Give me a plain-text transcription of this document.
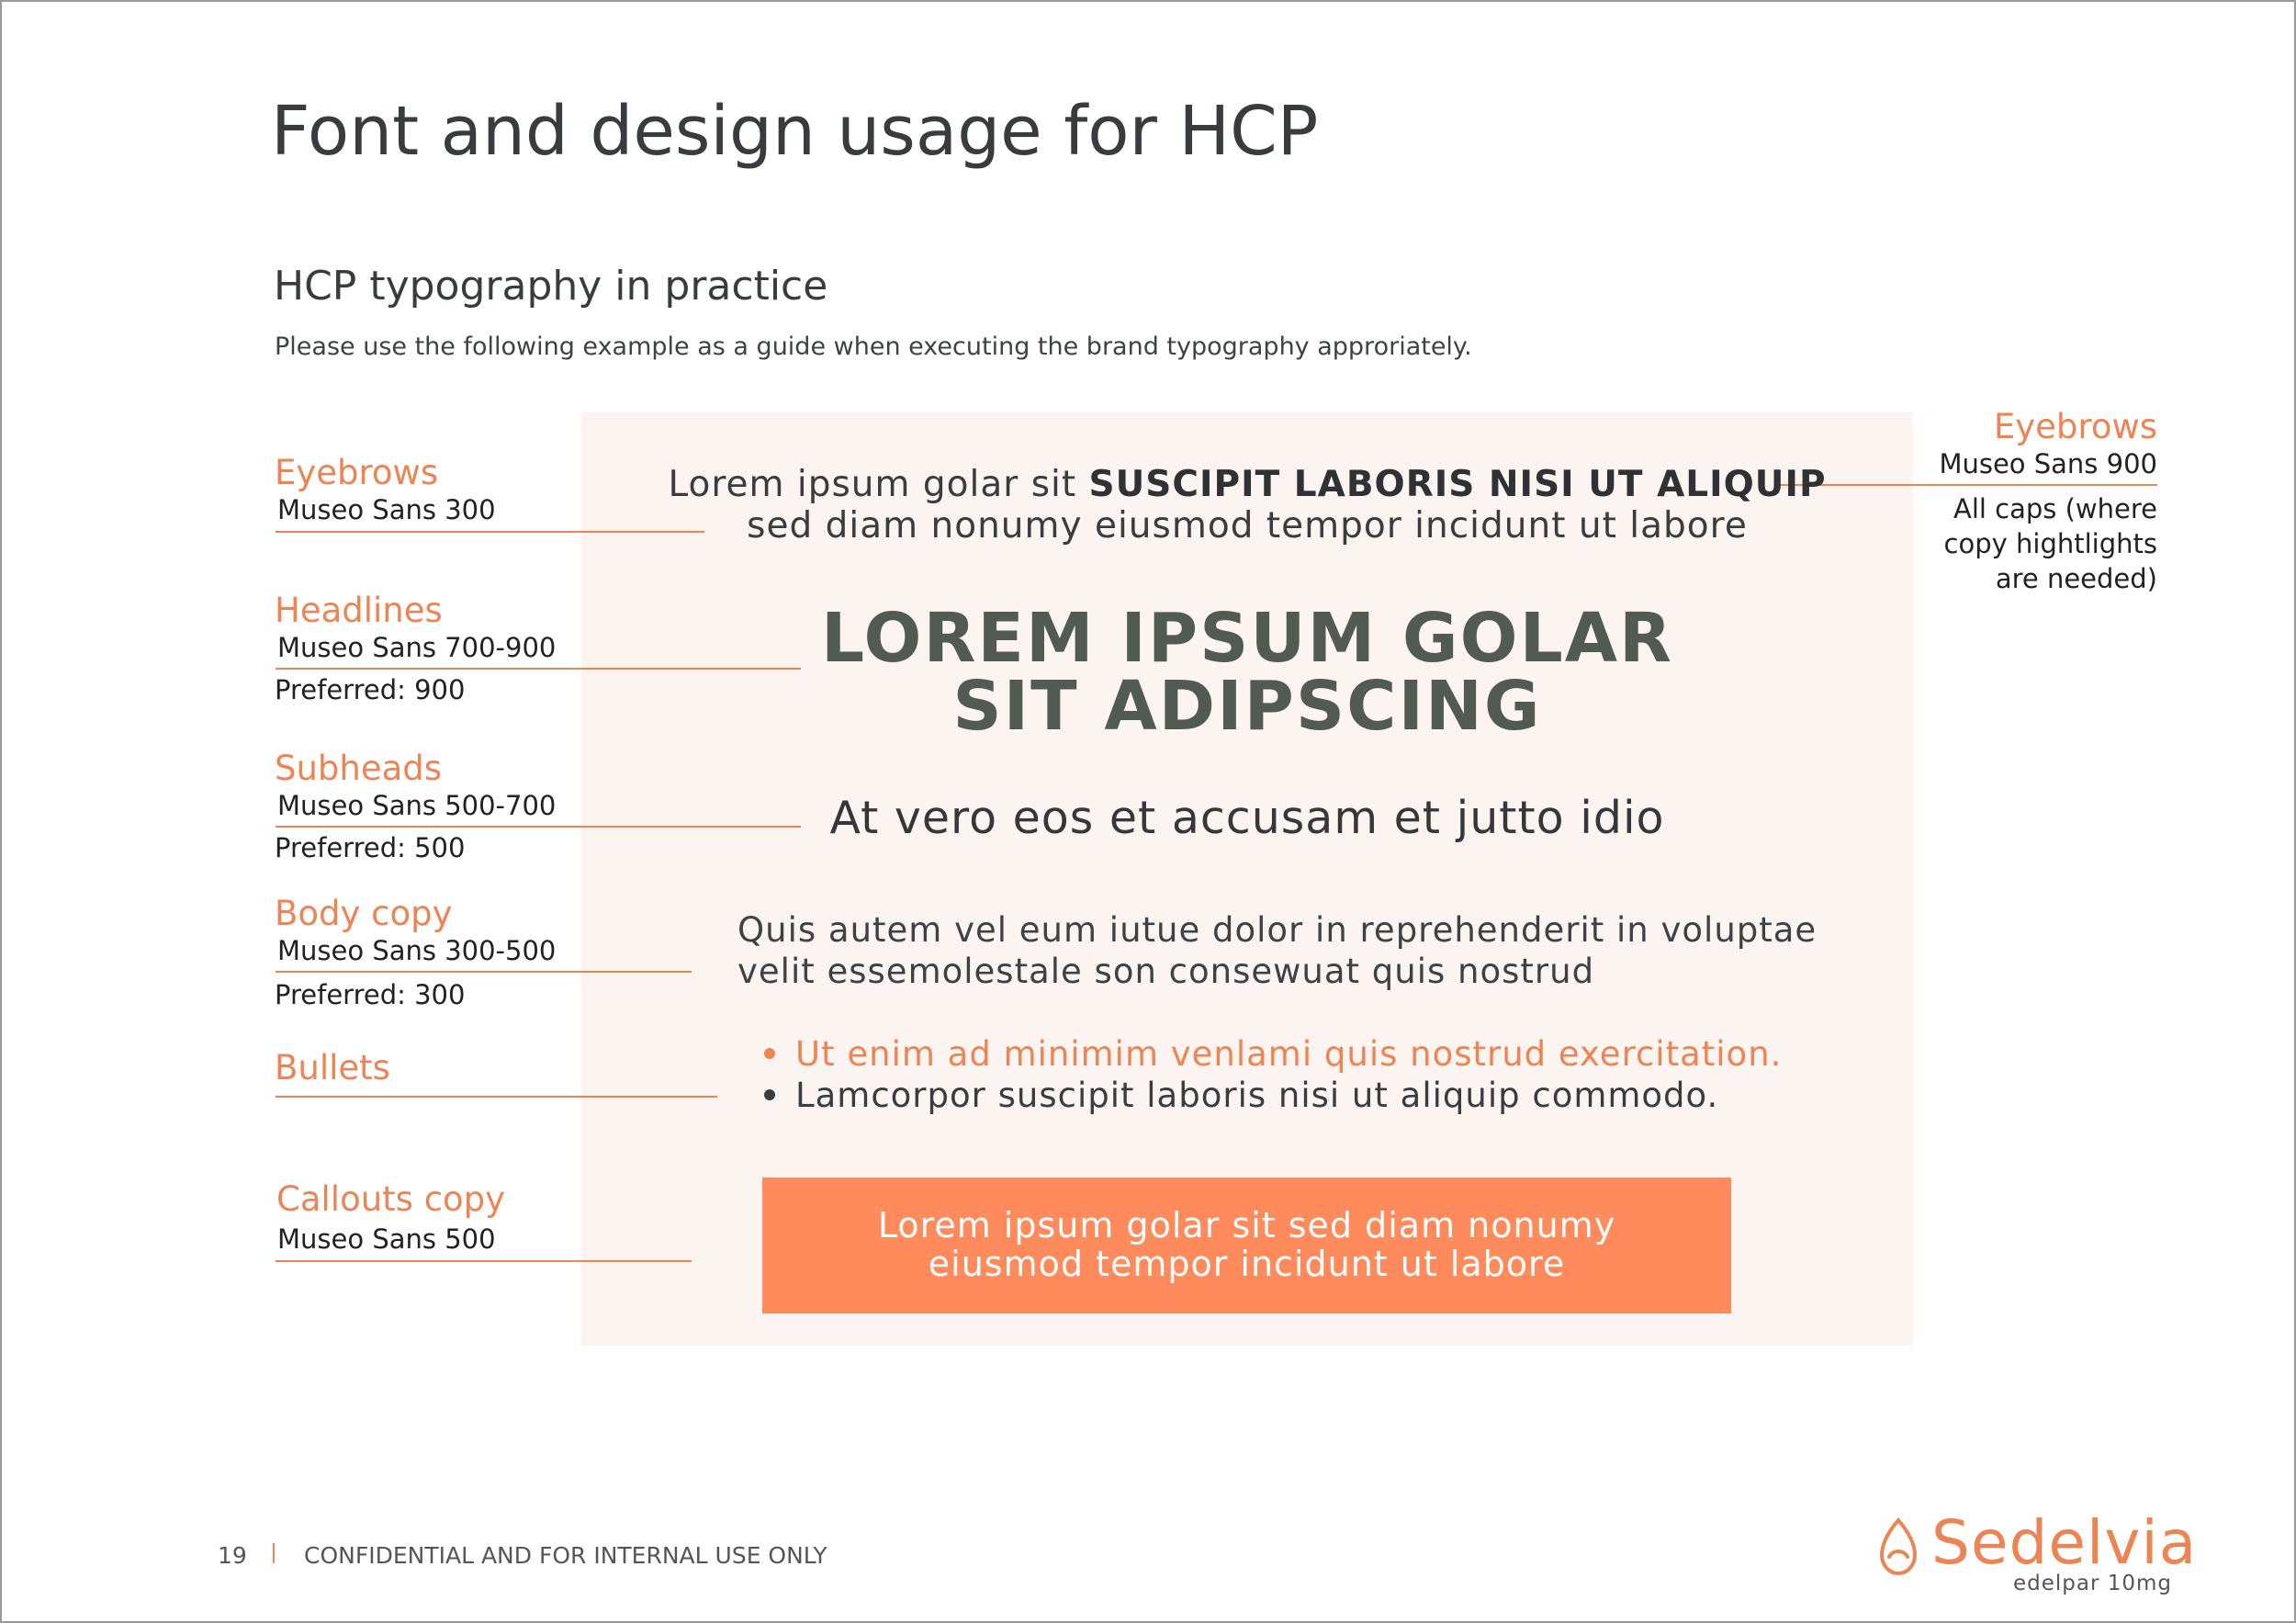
Font and design usage for HCP
HCP typography in practice
Please use the following example as a guide when executing the brand typography approriately.
Eyebrows
Museo Sans 300
Headlines
Museo Sans 700-900
Preferred: 900
Subheads
Museo Sans 500-700
Preferred: 500
Body copy
Museo Sans 300-500
Preferred: 300
Bullets
Callouts copy
Museo Sans 500
Eyebrows
Museo Sans 900
All caps (where
copy hightlights
are needed)
Lorem ipsum golar sit SUSCIPIT LABORIS NISI UT ALIQUIP
sed diam nonumy eiusmod tempor incidunt ut labore
LOREM IPSUM GOLAR
SIT ADIPSCING
At vero eos et accusam et jutto idio
Quis autem vel eum iutue dolor in reprehenderit in voluptae
velit essemolestale son consewuat quis nostrud
Ut enim ad minimim venlami quis nostrud exercitation.
Lamcorpor suscipit laboris nisi ut aliquip commodo.
Lorem ipsum golar sit sed diam nonumy
eiusmod tempor incidunt ut labore
19 CONFIDENTIAL AND FOR INTERNAL USE ONLY	Sedelvia
edelpar 10mg
